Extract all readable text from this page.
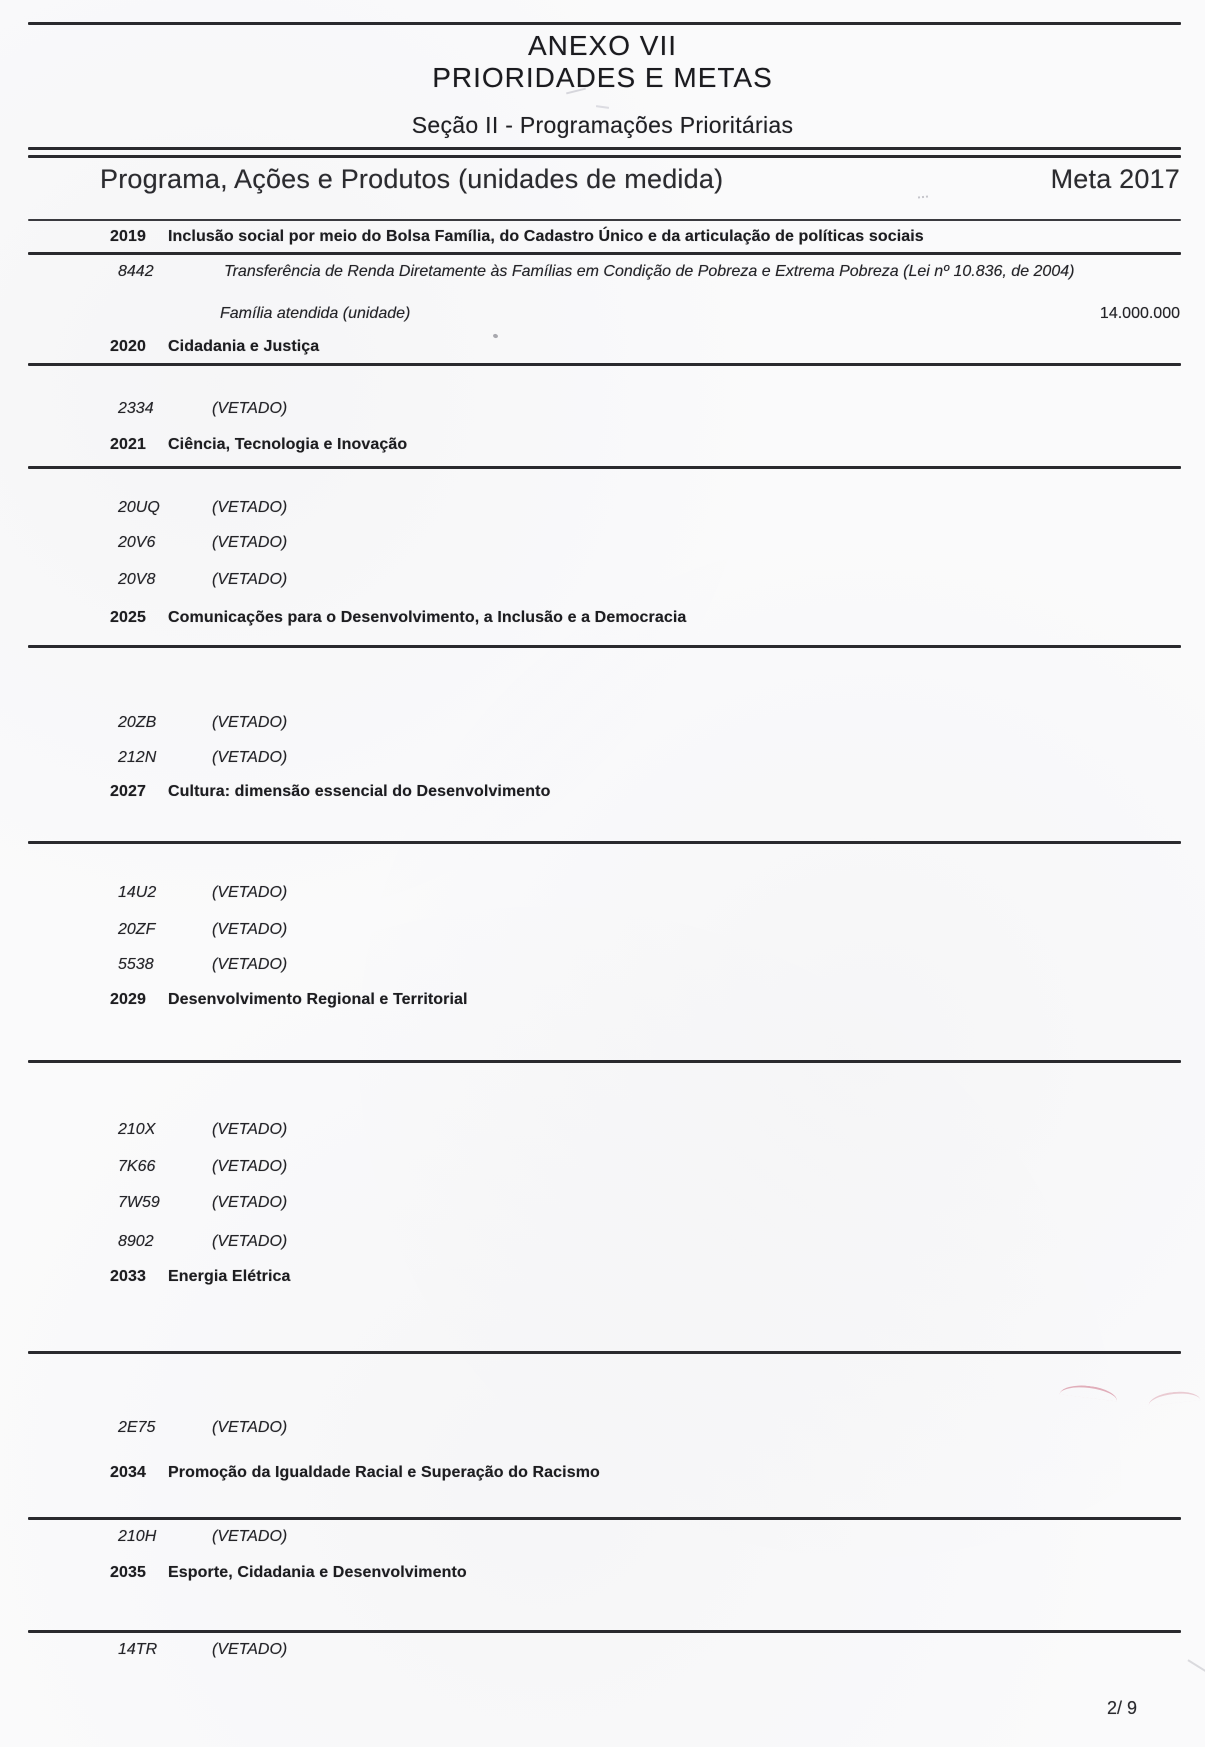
ANEXO VII
PRIORIDADES E METAS
Seção II - Programações Prioritárias
Programa, Ações e Produtos (unidades de medida)	Meta 2017
2019 Inclusão social por meio do Bolsa Família, do Cadastro Único e da articulação de políticas sociais
8442	Transferência de Renda Diretamente às Famílias em Condição de Pobreza e Extrema Pobreza (Lei nº 10.836, de 2004)
Família atendida (unidade)	14.000.000
2020 Cidadania e Justiça
2334	(VETADO)
2021 Ciência, Tecnologia e Inovação
20UQ	(VETADO)
20V6	(VETADO)
20V8	(VETADO)
2025 Comunicações para o Desenvolvimento, a Inclusão e a Democracia
20ZB	(VETADO)
212N	(VETADO)
2027 Cultura: dimensão essencial do Desenvolvimento
14U2	(VETADO)
20ZF	(VETADO)
5538	(VETADO)
2029 Desenvolvimento Regional e Territorial
210X	(VETADO)
7K66	(VETADO)
7W59	(VETADO)
8902	(VETADO)
2033 Energia Elétrica
2E75	(VETADO)
2034 Promoção da Igualdade Racial e Superação do Racismo
210H	(VETADO)
2035 Esporte, Cidadania e Desenvolvimento
14TR	(VETADO)
2/ 9
